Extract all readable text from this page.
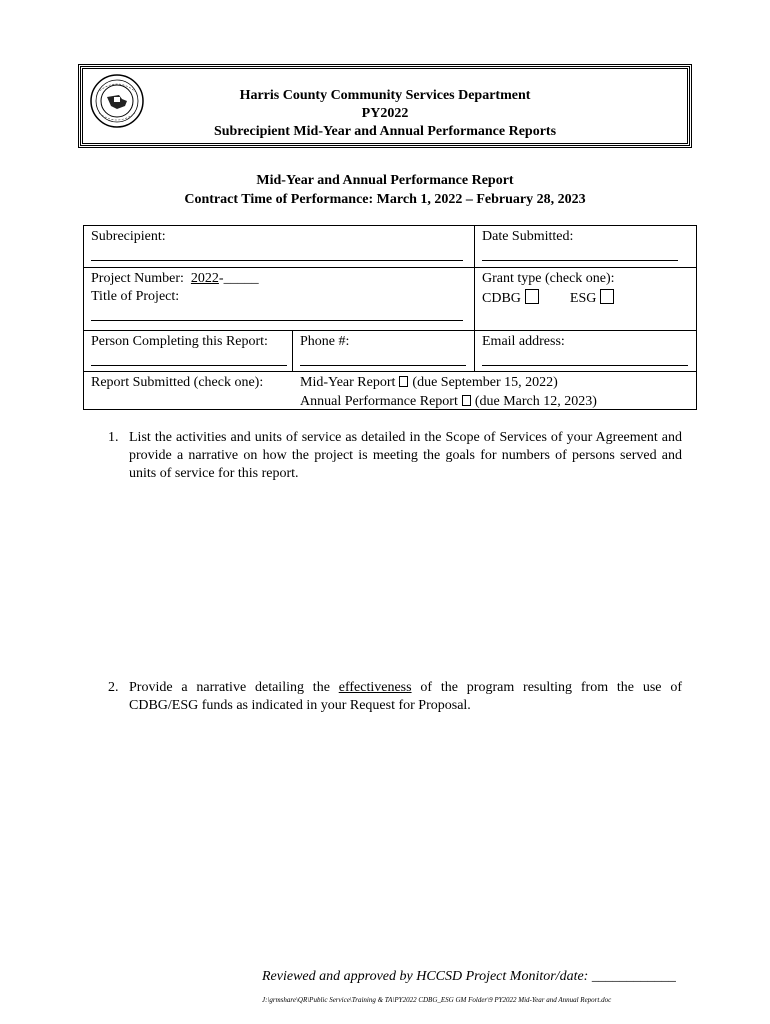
Harris County Community Services Department
PY2022
Subrecipient Mid-Year and Annual Performance Reports
Mid-Year and Annual Performance Report
Contract Time of Performance: March 1, 2022 – February 28, 2023
Subrecipient:	Date Submitted:
Project Number: 2022-_____
Title of Project:
Grant type (check one):
CDBG	ESG
Person Completing this Report: Phone #:	Email address:
Report Submitted (check one):	Mid-Year Report (due September 15, 2022)
Annual Performance Report (due March 12, 2023)
1. List the activities and units of service as detailed in the Scope of Services of your Agreement and provide a narrative on how the project is meeting the goals for numbers of persons served and units of service for this report.
2. Provide a narrative detailing the effectiveness of the program resulting from the use of CDBG/ESG funds as indicated in your Request for Proposal.
Reviewed and approved by HCCSD Project Monitor/date: ____________
J:\grmshare\QR\Public Service\Training & TA\PY2022 CDBG_ESG GM Folder\9 PY2022 Mid-Year and Annual Report.doc
